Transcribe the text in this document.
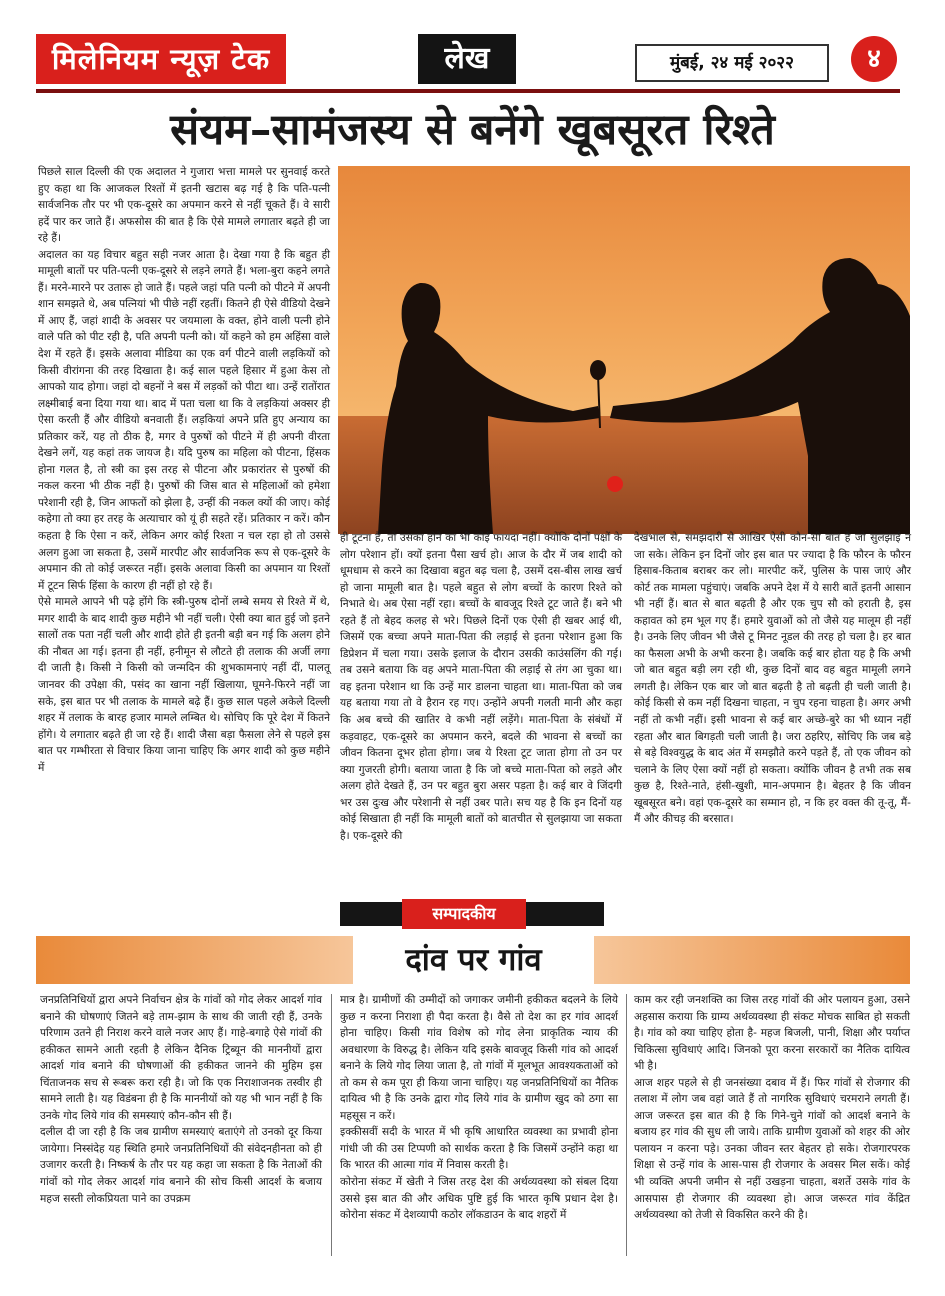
मिलेनियम न्यूज़ टेक	लेख	मुंबई, २४ मई २०२२	४
संयम–सामंजस्य से बनेंगे खूबसूरत रिश्ते

पिछले साल दिल्ली की एक अदालत ने गुजारा भत्ता मामले पर सुनवाई करते हुए कहा था कि आजकल रिश्तों में इतनी खटास बढ़ गई है कि पति-पत्नी सार्वजनिक तौर पर भी एक-दूसरे का अपमान करने से नहीं चूकते हैं। वे सारी हदें पार कर जाते हैं। अफसोस की बात है कि ऐसे मामले लगातार बढ़ते ही जा रहे हैं।

अदालत का यह विचार बहुत सही नजर आता है। देखा गया है कि बहुत ही मामूली बातों पर पति-पत्नी एक-दूसरे से लड़ने लगते हैं। भला-बुरा कहने लगते हैं। मरने-मारने पर उतारू हो जाते हैं। पहले जहां पति पत्नी को पीटने में अपनी शान समझते थे, अब पत्नियां भी पीछे नहीं रहतीं। कितने ही ऐसे वीडियो देखने में आए हैं, जहां शादी के अवसर पर जयमाला के वक्त, होने वाली पत्नी होने वाले पति को पीट रही है, पति अपनी पत्नी को। यों कहने को हम अहिंसा वाले देश में रहते हैं। इसके अलावा मीडिया का एक वर्ग पीटने वाली लड़कियों को किसी वीरांगना की तरह दिखाता है। कई साल पहले हिसार में हुआ केस तो आपको याद होगा। जहां दो बहनों ने बस में लड़कों को पीटा था। उन्हें रातोंरात लक्ष्मीबाई बना दिया गया था। बाद में पता चला था कि वे लड़कियां अक्सर ही ऐसा करती हैं और वीडियो बनवाती हैं। लड़कियां अपने प्रति हुए अन्याय का प्रतिकार करें, यह तो ठीक है, मगर वे पुरुषों को पीटने में ही अपनी वीरता देखने लगें, यह कहां तक जायज है। यदि पुरुष का महिला को पीटना, हिंसक होना गलत है, तो स्त्री का इस तरह से पीटना और प्रकारांतर से पुरुषों की नकल करना भी ठीक नहीं है। पुरुषों की जिस बात से महिलाओं को हमेशा परेशानी रही है, जिन आफतों को झेला है, उन्हीं की नकल क्यों की जाए। कोई कहेगा तो क्या हर तरह के अत्याचार को यूं ही सहते रहें। प्रतिकार न करें। कौन कहता है कि ऐसा न करें, लेकिन अगर कोई रिश्ता न चल रहा हो तो उससे अलग हुआ जा सकता है, उसमें मारपीट और सार्वजनिक रूप से एक-दूसरे के अपमान की तो कोई जरूरत नहीं। इसके अलावा किसी का अपमान या रिश्तों में टूटन सिर्फ हिंसा के कारण ही नहीं हो रहे हैं।

ऐसे मामले आपने भी पढ़े होंगे कि स्त्री-पुरुष दोनों लम्बे समय से रिश्ते में थे, मगर शादी के बाद शादी कुछ महीने भी नहीं चली। ऐसी क्या बात हुई जो इतने सालों तक पता नहीं चली और शादी होते ही इतनी बड़ी बन गई कि अलग होने की नौबत आ गई। इतना ही नहीं, हनीमून से लौटते ही तलाक की अर्जी लगा दी जाती है। किसी ने किसी को जन्मदिन की शुभकामनाएं नहीं दीं, पालतू जानवर की उपेक्षा की, पसंद का खाना नहीं खिलाया, घूमने-फिरने नहीं जा सके, इस बात पर भी तलाक के मामले बढ़े हैं। कुछ साल पहले अकेले दिल्ली शहर में तलाक के बारह हजार मामले लम्बित थे। सोचिए कि पूरे देश में कितने होंगे। ये लगातार बढ़ते ही जा रहे हैं। शादी जैसा बड़ा फैसला लेने से पहले इस बात पर गम्भीरता से विचार किया जाना चाहिए कि अगर शादी को कुछ महीने में

ही टूटना है, तो उसका होने का भी कोई फायदा नहीं। क्योंकि दोनों पक्षों के लोग परेशान हों। क्यों इतना पैसा खर्च हो। आज के दौर में जब शादी को धूमधाम से करने का दिखावा बहुत बढ़ चला है, उसमें दस-बीस लाख खर्च हो जाना मामूली बात है। पहले बहुत से लोग बच्चों के कारण रिश्ते को निभाते थे। अब ऐसा नहीं रहा। बच्चों के बावजूद रिश्ते टूट जाते हैं। बने भी रहते हैं तो बेहद कलह से भरे। पिछले दिनों एक ऐसी ही खबर आई थी, जिसमें एक बच्चा अपने माता-पिता की लड़ाई से इतना परेशान हुआ कि डिप्रेशन में चला गया। उसके इलाज के दौरान उसकी काउंसलिंग की गई। तब उसने बताया कि वह अपने माता-पिता की लड़ाई से तंग आ चुका था। वह इतना परेशान था कि उन्हें मार डालना चाहता था। माता-पिता को जब यह बताया गया तो वे हैरान रह गए। उन्होंने अपनी गलती मानी और कहा कि अब बच्चे की खातिर वे कभी नहीं लड़ेंगे। माता-पिता के संबंधों में कड़वाहट, एक-दूसरे का अपमान करने, बदले की भावना से बच्चों का जीवन कितना दूभर होता होगा। जब ये रिश्ता टूट जाता होगा तो उन पर क्या गुजरती होगी। बताया जाता है कि जो बच्चे माता-पिता को लड़ते और अलग होते देखते हैं, उन पर बहुत बुरा असर पड़ता है। कई बार वे जिंदगी भर उस दुःख और परेशानी से नहीं उबर पाते। सच यह है कि इन दिनों यह कोई सिखाता ही नहीं कि मामूली बातों को बातचीत से सुलझाया जा सकता है। एक-दूसरे की

देखभाल से, समझदारी से आखिर ऐसी कौन-सी बात है जो सुलझाई न जा सके। लेकिन इन दिनों जोर इस बात पर ज्यादा है कि फौरन के फौरन हिसाब-किताब बराबर कर लो। मारपीट करें, पुलिस के पास जाएं और कोर्ट तक मामला पहुंचाएं। जबकि अपने देश में ये सारी बातें इतनी आसान भी नहीं हैं। बात से बात बढ़ती है और एक चुप सौ को हराती है, इस कहावत को हम भूल गए हैं। हमारे युवाओं को तो जैसे यह मालूम ही नहीं है। उनके लिए जीवन भी जैसे टू मिनट नूडल की तरह हो चला है। हर बात का फैसला अभी के अभी करना है। जबकि कई बार होता यह है कि अभी जो बात बहुत बड़ी लग रही थी, कुछ दिनों बाद वह बहुत मामूली लगने लगती है। लेकिन एक बार जो बात बढ़ती है तो बढ़ती ही चली जाती है। कोई किसी से कम नहीं दिखना चाहता, न चुप रहना चाहता है। अगर अभी नहीं तो कभी नहीं। इसी भावना से कई बार अच्छे-बुरे का भी ध्यान नहीं रहता और बात बिगड़ती चली जाती है। जरा ठहरिए, सोचिए कि जब बड़े से बड़े विश्वयुद्ध के बाद अंत में समझौते करने पड़ते हैं, तो एक जीवन को चलाने के लिए ऐसा क्यों नहीं हो सकता। क्योंकि जीवन है तभी तक सब कुछ है, रिश्ते-नाते, हंसी-खुशी, मान-अपमान है। बेहतर है कि जीवन खूबसूरत बने। वहां एक-दूसरे का सम्मान हो, न कि हर वक्त की तू-तू, मैं-मैं और कीचड़ की बरसात।

सम्पादकीय
दांव पर गांव

जनप्रतिनिधियों द्वारा अपने निर्वाचन क्षेत्र के गांवों को गोद लेकर आदर्श गांव बनाने की घोषणाएं जितने बड़े ताम-झाम के साथ की जाती रही हैं, उनके परिणाम उतने ही निराश करने वाले नजर आए हैं। गाहे-बगाहे ऐसे गांवों की हकीकत सामने आती रहती है लेकिन दैनिक ट्रिब्यून की माननीयों द्वारा आदर्श गांव बनाने की घोषणाओं की हकीकत जानने की मुहिम इस चिंताजनक सच से रूबरू करा रही है। जो कि एक निराशाजनक तस्वीर ही सामने लाती है। यह विडंबना ही है कि माननीयों को यह भी भान नहीं है कि उनके गोद लिये गांव की समस्याएं कौन-कौन सी हैं।

दलील दी जा रही है कि जब ग्रामीण समस्याएं बताएंगे तो उनको दूर किया जायेगा। निस्संदेह यह स्थिति हमारे जनप्रतिनिधियों की संवेदनहीनता को ही उजागर करती है। निष्कर्ष के तौर पर यह कहा जा सकता है कि नेताओं की गांवों को गोद लेकर आदर्श गांव बनाने की सोच किसी आदर्श के बजाय महज सस्ती लोकप्रियता पाने का उपक्रम

मात्र है। ग्रामीणों की उम्मीदों को जगाकर जमीनी हकीकत बदलने के लिये कुछ न करना निराशा ही पैदा करता है। वैसे तो देश का हर गांव आदर्श होना चाहिए। किसी गांव विशेष को गोद लेना प्राकृतिक न्याय की अवधारणा के विरुद्ध है। लेकिन यदि इसके बावजूद किसी गांव को आदर्श बनाने के लिये गोद लिया जाता है, तो गांवों में मूलभूत आवश्यकताओं को तो कम से कम पूरा ही किया जाना चाहिए। यह जनप्रतिनिधियों का नैतिक दायित्व भी है कि उनके द्वारा गोद लिये गांव के ग्रामीण खुद को ठगा सा महसूस न करें।

इक्कीसवीं सदी के भारत में भी कृषि आधारित व्यवस्था का प्रभावी होना गांधी जी की उस टिप्पणी को सार्थक करता है कि जिसमें उन्होंने कहा था कि भारत की आत्मा गांव में निवास करती है।

कोरोना संकट में खेती ने जिस तरह देश की अर्थव्यवस्था को संबल दिया उससे इस बात की और अधिक पुष्टि हुई कि भारत कृषि प्रधान देश है। कोरोना संकट में देशव्यापी कठोर लॉकडाउन के बाद शहरों में

काम कर रही जनशक्ति का जिस तरह गांवों की ओर पलायन हुआ, उसने अहसास कराया कि ग्राम्य अर्थव्यवस्था ही संकट मोचक साबित हो सकती है। गांव को क्या चाहिए होता है- महज बिजली, पानी, शिक्षा और पर्याप्त चिकित्सा सुविधाएं आदि। जिनको पूरा करना सरकारों का नैतिक दायित्व भी है।

आज शहर पहले से ही जनसंख्या दबाव में हैं। फिर गांवों से रोजगार की तलाश में लोग जब वहां जाते हैं तो नागरिक सुविधाएं चरमराने लगती हैं। आज जरूरत इस बात की है कि गिने-चुने गांवों को आदर्श बनाने के बजाय हर गांव की सुध ली जाये। ताकि ग्रामीण युवाओं को शहर की ओर पलायन न करना पड़े। उनका जीवन स्तर बेहतर हो सके। रोजगारपरक शिक्षा से उन्हें गांव के आस-पास ही रोजगार के अवसर मिल सकें। कोई भी व्यक्ति अपनी जमीन से नहीं उखड़ना चाहता, बशर्ते उसके गांव के आसपास ही रोजगार की व्यवस्था हो। आज जरूरत गांव केंद्रित अर्थव्यवस्था को तेजी से विकसित करने की है।
